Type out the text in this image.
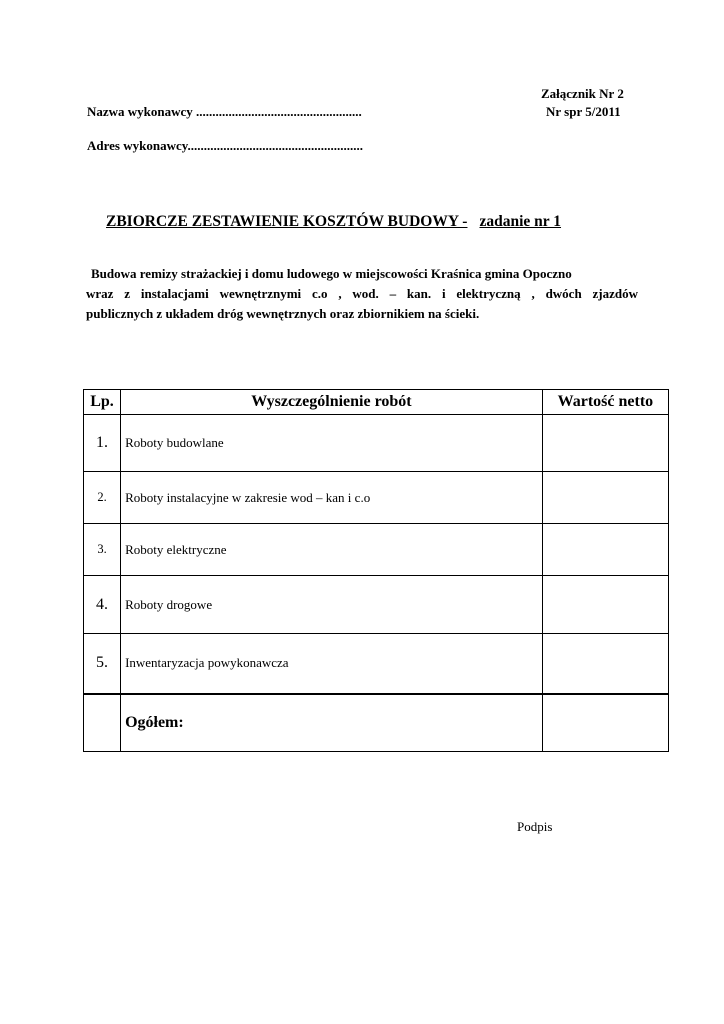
Załącznik Nr 2
Nazwa wykonawcy ...................................................	Nr spr 5/2011
Adres wykonawcy......................................................
ZBIORCZE ZESTAWIENIE KOSZTÓW BUDOWY - zadanie nr 1
Budowa remizy strażackiej i domu ludowego w miejscowości Kraśnica gmina Opoczno
wraz z instalacjami wewnętrznymi c.o , wod. – kan. i elektryczną , dwóch zjazdów
publicznych z układem dróg wewnętrznych oraz zbiornikiem na ścieki.
Lp.	Wyszczególnienie robót	Wartość netto
1.	Roboty budowlane	
2.	Roboty instalacyjne w zakresie wod – kan i c.o	
3.	Roboty elektryczne	
4.	Roboty drogowe	
5.	Inwentaryzacja powykonawcza	
	Ogółem:	
Podpis
